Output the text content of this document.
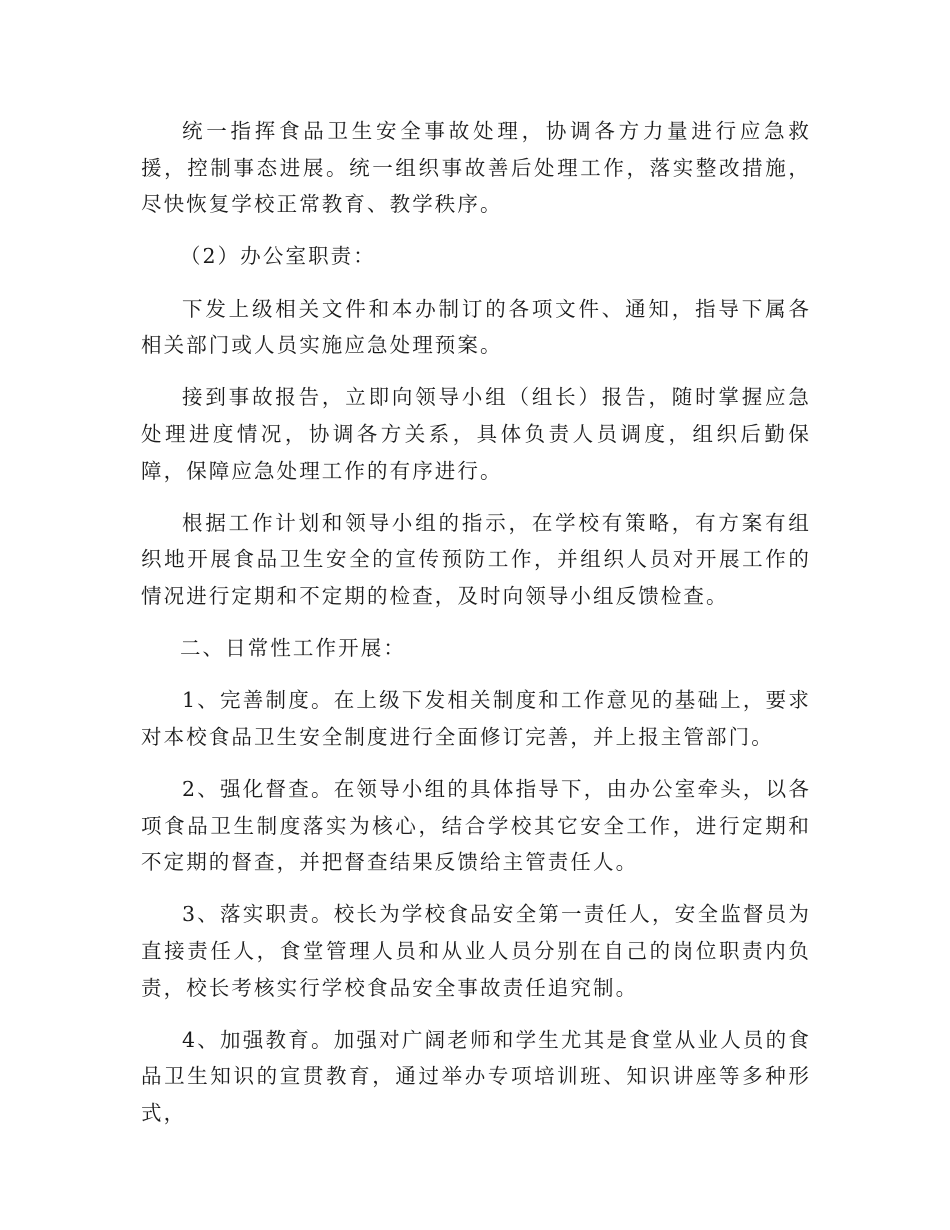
统一指挥食品卫生安全事故处理，协调各方力量进行应急救援，控制事态进展。统一组织事故善后处理工作，落实整改措施，尽快恢复学校正常教育、教学秩序。

（2）办公室职责：

下发上级相关文件和本办制订的各项文件、通知，指导下属各相关部门或人员实施应急处理预案。

接到事故报告，立即向领导小组（组长）报告，随时掌握应急处理进度情况，协调各方关系，具体负责人员调度，组织后勤保障，保障应急处理工作的有序进行。

根据工作计划和领导小组的指示，在学校有策略，有方案有组织地开展食品卫生安全的宣传预防工作，并组织人员对开展工作的情况进行定期和不定期的检查，及时向领导小组反馈检查。

二、日常性工作开展：

1、完善制度。在上级下发相关制度和工作意见的基础上，要求对本校食品卫生安全制度进行全面修订完善，并上报主管部门。

2、强化督查。在领导小组的具体指导下，由办公室牵头，以各项食品卫生制度落实为核心，结合学校其它安全工作，进行定期和不定期的督查，并把督查结果反馈给主管责任人。

3、落实职责。校长为学校食品安全第一责任人，安全监督员为直接责任人，食堂管理人员和从业人员分别在自己的岗位职责内负责，校长考核实行学校食品安全事故责任追究制。

4、加强教育。加强对广阔老师和学生尤其是食堂从业人员的食品卫生知识的宣贯教育，通过举办专项培训班、知识讲座等多种形式，
